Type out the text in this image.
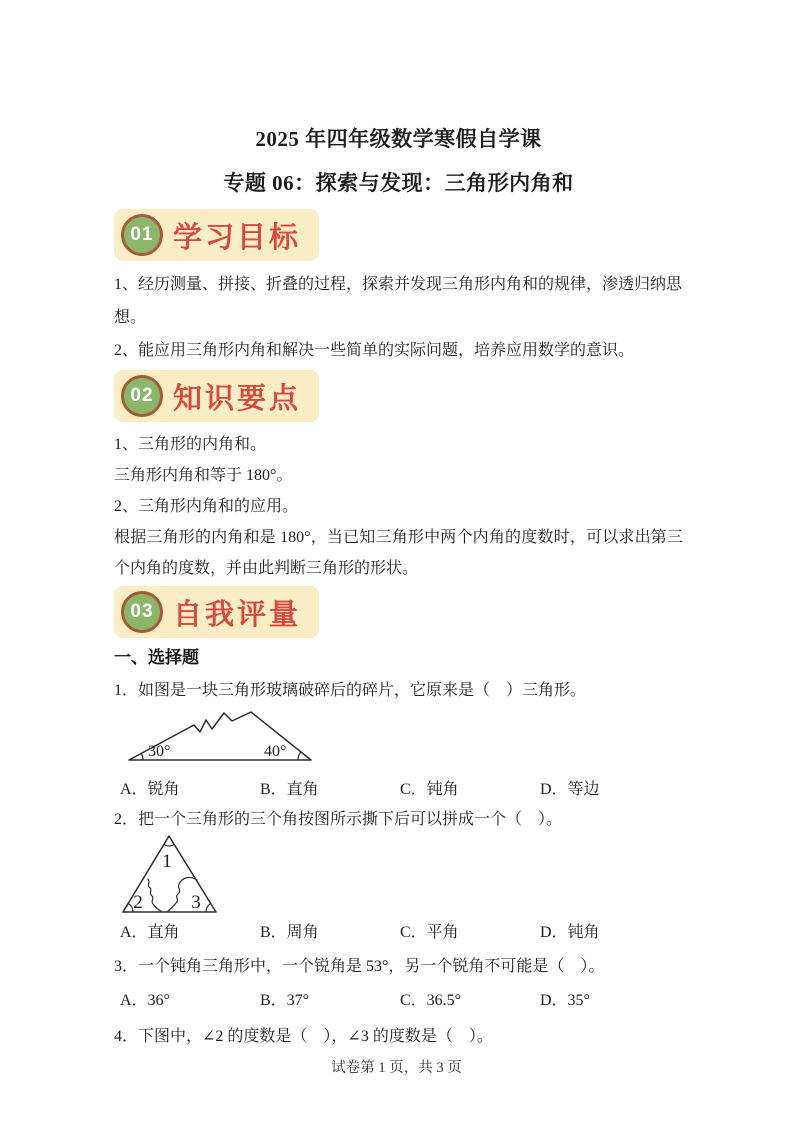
2025 年四年级数学寒假自学课
专题 06：探索与发现：三角形内角和
01 学习目标

1、经历测量、拼接、折叠的过程，探索并发现三角形内角和的规律，渗透归纳思想。

2、能应用三角形内角和解决一些简单的实际问题，培养应用数学的意识。

02 知识要点

1、三角形的内角和。

三角形内角和等于 180°。

2、三角形内角和的应用。

根据三角形的内角和是 180°，当已知三角形中两个内角的度数时，可以求出第三个内角的度数，并由此判断三角形的形状。

03 自我评量
一、选择题

1．如图是一块三角形玻璃破碎后的碎片，它原来是（　）三角形。

30°	40°
A．锐角	B．直角	C．钝角	D．等边

2．把一个三角形的三个角按图所示撕下后可以拼成一个（　）。

1
2	3
A．直角	B．周角	C．平角	D．钝角

3．一个钝角三角形中，一个锐角是 53°，另一个锐角不可能是（　）。

A．36°	B．37°	C．36.5°	D．35°

4．下图中，∠2 的度数是（　），∠3 的度数是（　）。

试卷第 1 页，共 3 页
